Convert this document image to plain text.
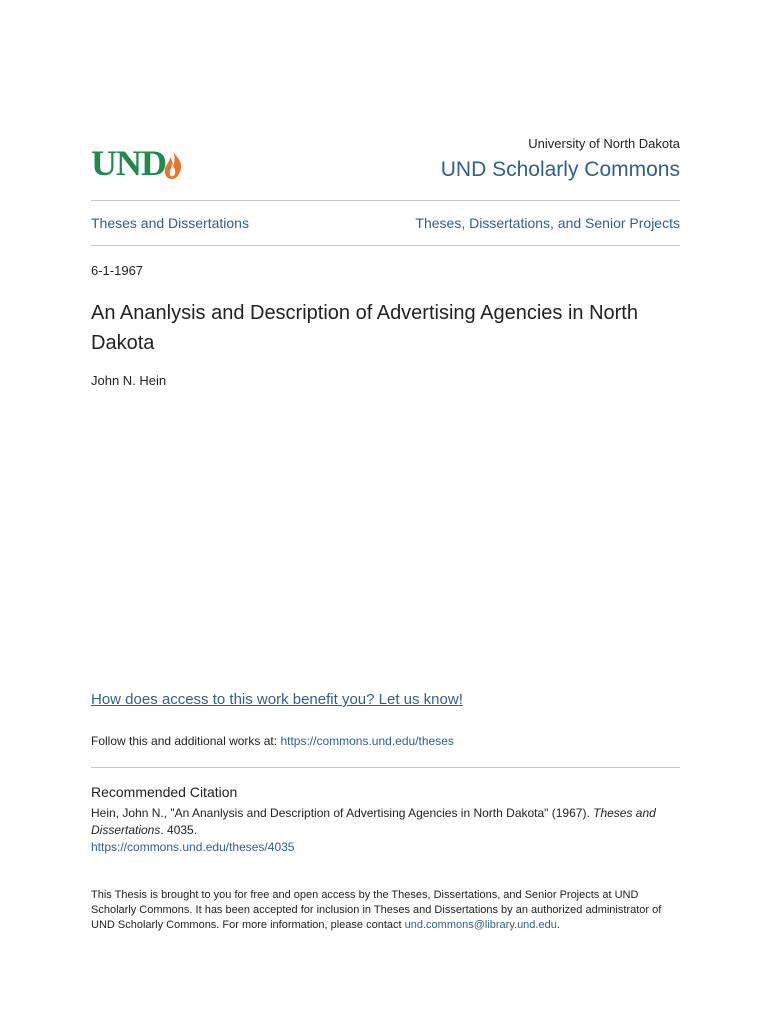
UND	University of North Dakota
UND Scholarly Commons
Theses and Dissertations	Theses, Dissertations, and Senior Projects
6-1-1967
An Ananlysis and Description of Advertising Agencies in North Dakota
John N. Hein
How does access to this work benefit you? Let us know!
Follow this and additional works at: https://commons.und.edu/theses
Recommended Citation
Hein, John N., "An Ananlysis and Description of Advertising Agencies in North Dakota" (1967). Theses and Dissertations. 4035.
https://commons.und.edu/theses/4035
This Thesis is brought to you for free and open access by the Theses, Dissertations, and Senior Projects at UND Scholarly Commons. It has been accepted for inclusion in Theses and Dissertations by an authorized administrator of UND Scholarly Commons. For more information, please contact und.commons@library.und.edu.
